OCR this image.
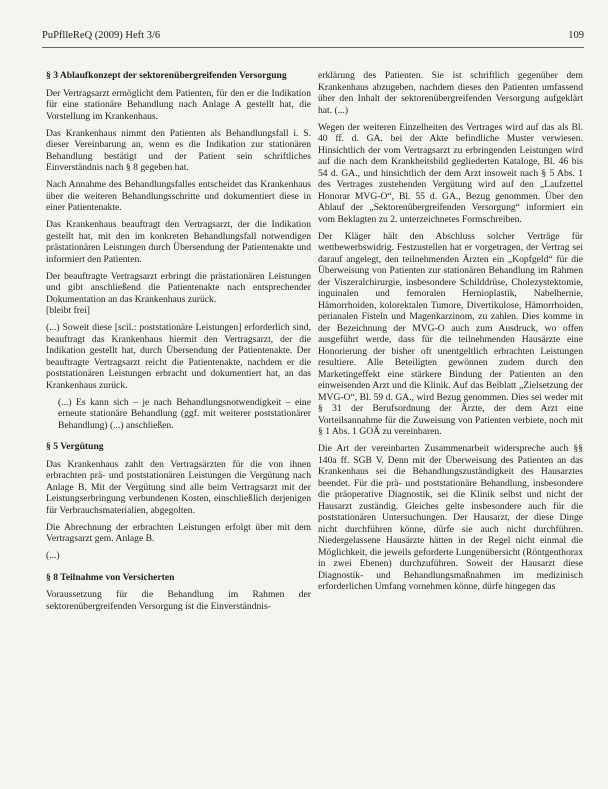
PuPflleReQ (2009) Heft 3/6	109
§ 3 Ablaufkonzept der sektorenübergreifenden Versorgung

Der Vertragsarzt ermöglicht dem Patienten, für den er die Indikation für eine stationäre Behandlung nach Anlage A gestellt hat, die Vorstellung im Krankenhaus.

Das Krankenhaus nimmt den Patienten als Behandlungsfall i. S. dieser Vereinbarung an, wenn es die Indikation zur stationären Behandlung bestätigt und der Patient sein schriftliches Einverständnis nach § 8 gegeben hat.

Nach Annahme des Behandlungsfalles entscheidet das Krankenhaus über die weiteren Behandlungsschritte und dokumentiert diese in einer Patientenakte.

Das Krankenhaus beauftragt den Vertragsarzt, der die Indikation gestellt hat, mit den im konkreten Behandlungsfall notwendigen prästationären Leistungen durch Übersendung der Patientenakte und informiert den Patienten.

Der beauftragte Vertragsarzt erbringt die prästationären Leistungen und gibt anschließend die Patientenakte nach entsprechender Dokumentation an das Krankenhaus zurück.

[bleibt frei]

(...) Soweit diese [scil.: poststationäre Leistungen] erforderlich sind, beauftragt das Krankenhaus hiermit den Vertragsarzt, der die Indikation gestellt hat, durch Übersendung der Patientenakte. Der beauftragte Vertragsarzt reicht die Patientenakte, nachdem er die poststationären Leistungen erbracht und dokumentiert hat, an das Krankenhaus zurück.

(...) Es kann sich – je nach Behandlungsnotwendigkeit – eine erneute stationäre Behandlung (ggf. mit weiterer poststationärer Behandlung) (...) anschließen.

§ 5 Vergütung

Das Krankenhaus zahlt den Vertragsärzten für die von ihnen erbrachten prä- und poststationären Leistungen die Vergütung nach Anlage B. Mit der Vergütung sind alle beim Vertragsarzt mit der Leistungserbringung verbundenen Kosten, einschließlich derjenigen für Verbrauchsmaterialien, abgegolten.

Die Abrechnung der erbrachten Leistungen erfolgt über mit dem Vertragsarzt gem. Anlage B.

(...)

§ 8 Teilnahme von Versicherten

Voraussetzung für die Behandlung im Rahmen der sektorenübergreifenden Versorgung ist die Einverständnis-

erklärung des Patienten. Sie ist schriftlich gegenüber dem Krankenhaus abzugeben, nachdem dieses den Patienten umfassend über den Inhalt der sektorenübergreifenden Versorgung aufgeklärt hat. (...)

Wegen der weiteren Einzelheiten des Vertrages wird auf das als Bl. 40 ff. d. GA. bei der Akte befindliche Muster verwiesen. Hinsichtlich der vom Vertragsarzt zu erbringenden Leistungen wird auf die nach dem Krankheitsbild gegliederten Kataloge, Bl. 46 bis 54 d. GA., und hinsichtlich der dem Arzt insoweit nach § 5 Abs. 1 des Vertrages zustehenden Vergütung wird auf den „Laufzettel Honorar MVG-O“, Bl. 55 d. GA., Bezug genommen. Über den Ablauf der „Sektorenübergreifenden Versorgung“ informiert ein vom Beklagten zu 2. unterzeichnetes Formschreiben.

Der Kläger hält den Abschluss solcher Verträge für wettbewerbswidrig. Festzustellen hat er vorgetragen, der Vertrag sei darauf angelegt, den teilnehmenden Ärzten ein „Kopfgeld“ für die Überweisung von Patienten zur stationären Behandlung im Rahmen der Viszeralchirurgie, insbesondere Schilddrüse, Cholezystektomie, inguinalen und femoralen Hernioplastik, Nabelhernie, Hämorrhoiden, kolorektalen Tumore, Divertikulose, Hämorrhoiden, perianalen Fisteln und Magenkarzinom, zu zahlen. Dies komme in der Bezeichnung der MVG-O auch zum Ausdruck, wo offen ausgeführt werde, dass für die teilnehmenden Hausärzte eine Honorierung der bisher oft unentgeltlich erbrachten Leistungen resultiere. Alle Beteiligten gewönnen zudem durch den Marketingeffekt eine stärkere Bindung der Patienten an den einweisenden Arzt und die Klinik. Auf das Beiblatt „Zielsetzung der MVG-O“, Bl. 59 d. GA., wird Bezug genommen. Dies sei weder mit § 31 der Berufsordnung der Ärzte, der dem Arzt eine Vorteilsannahme für die Zuweisung von Patienten verbiete, noch mit § 1 Abs. 1 GOÄ zu vereinbaren.

Die Art der vereinbarten Zusammenarbeit widerspreche auch §§ 140a ff. SGB V. Denn mit der Überweisung des Patienten an das Krankenhaus sei die Behandlungszuständigkeit des Hausarztes beendet. Für die prä- und poststationäre Behandlung, insbesondere die präoperative Diagnostik, sei die Klinik selbst und nicht der Hausarzt zuständig. Gleiches gelte insbesondere auch für die poststationären Untersuchungen. Der Hausarzt, der diese Dinge nicht durchführen könne, dürfe sie auch nicht durchführen. Niedergelassene Hausärzte hätten in der Regel nicht einmal die Möglichkeit, die jeweils geforderte Lungenübersicht (Röntgenthorax in zwei Ebenen) durchzuführen. Soweit der Hausarzt diese Diagnostik- und Behandlungsmaßnahmen im medizinisch erforderlichen Umfang vornehmen könne, dürfe hingegen das
